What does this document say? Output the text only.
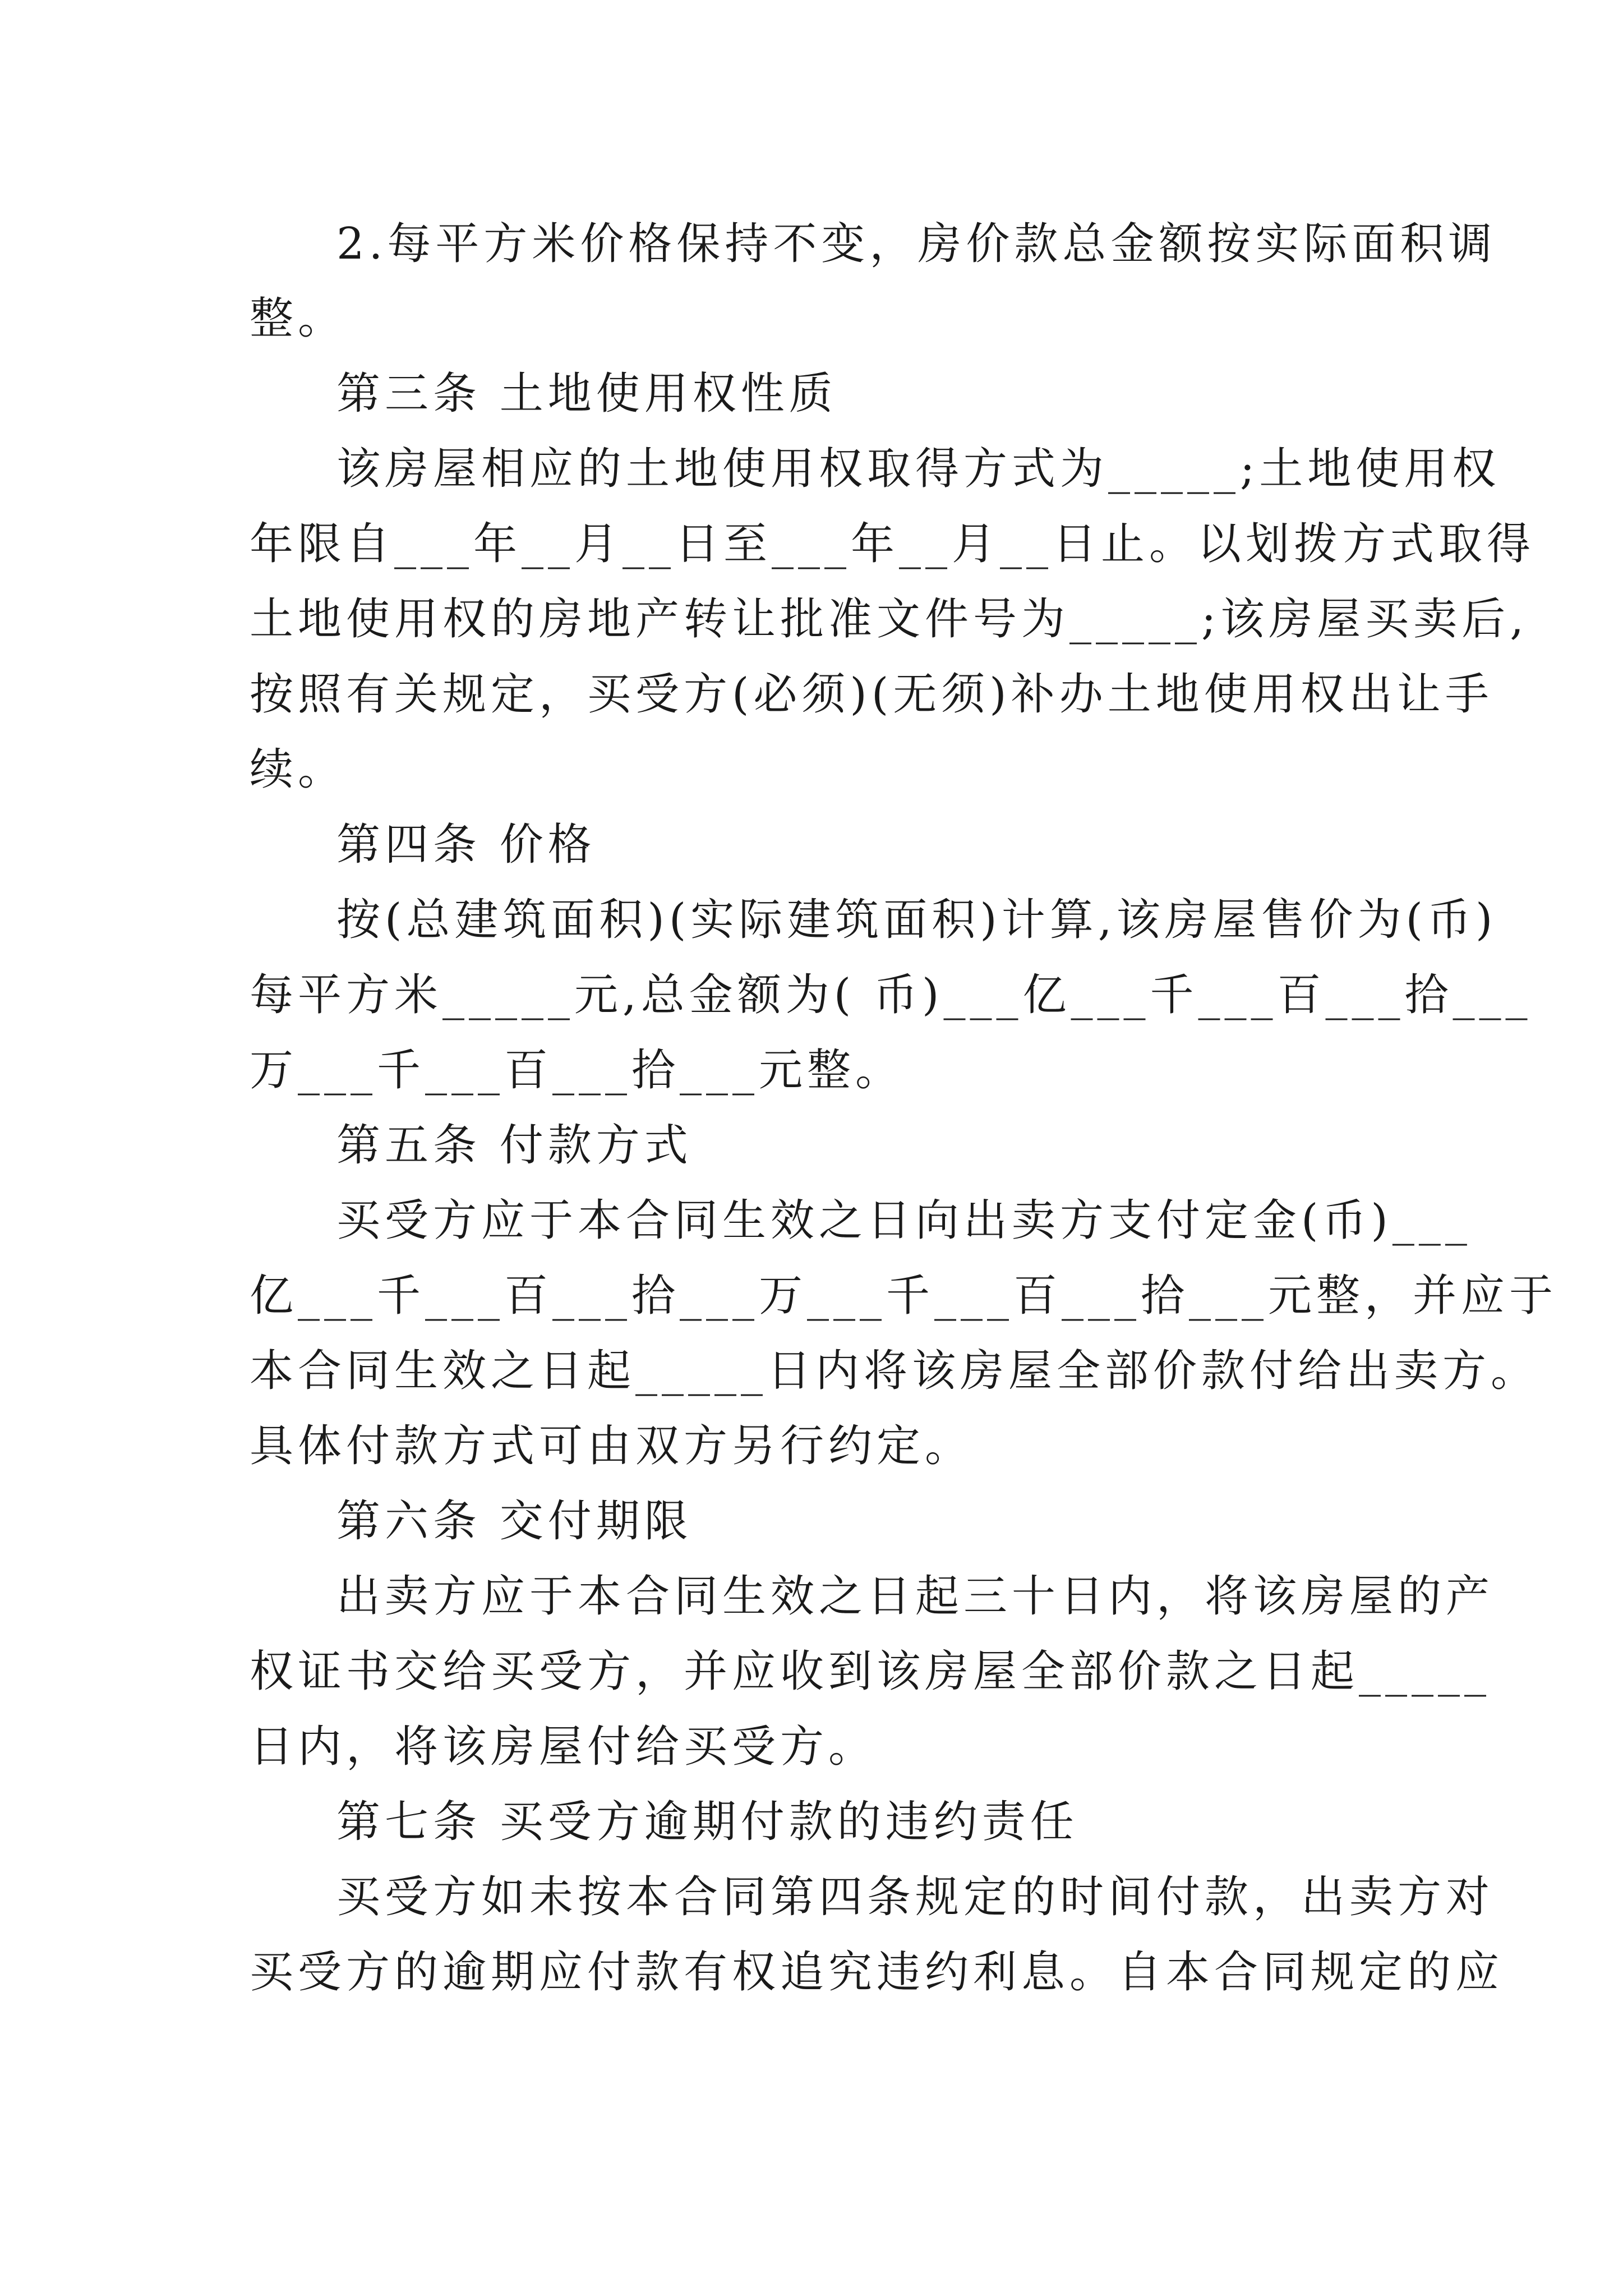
2.每平方米价格保持不变，房价款总金额按实际面积调
整。
第三条 土地使用权性质
该房屋相应的土地使用权取得方式为_____;土地使用权
年限自___年__月__日至___年__月__日止。以划拨方式取得
土地使用权的房地产转让批准文件号为_____;该房屋买卖后,
按照有关规定，买受方(必须)(无须)补办土地使用权出让手
续。
第四条 价格
按(总建筑面积)(实际建筑面积)计算,该房屋售价为(币)
每平方米_____元,总金额为( 币)___亿___千___百___拾___
万___千___百___拾___元整。
第五条 付款方式
买受方应于本合同生效之日向出卖方支付定金(币)___
亿___千___百___拾___万___千___百___拾___元整，并应于
本合同生效之日起_____日内将该房屋全部价款付给出卖方。
具体付款方式可由双方另行约定。
第六条 交付期限
出卖方应于本合同生效之日起三十日内，将该房屋的产
权证书交给买受方，并应收到该房屋全部价款之日起_____
日内，将该房屋付给买受方。
第七条 买受方逾期付款的违约责任
买受方如未按本合同第四条规定的时间付款，出卖方对
买受方的逾期应付款有权追究违约利息。自本合同规定的应
